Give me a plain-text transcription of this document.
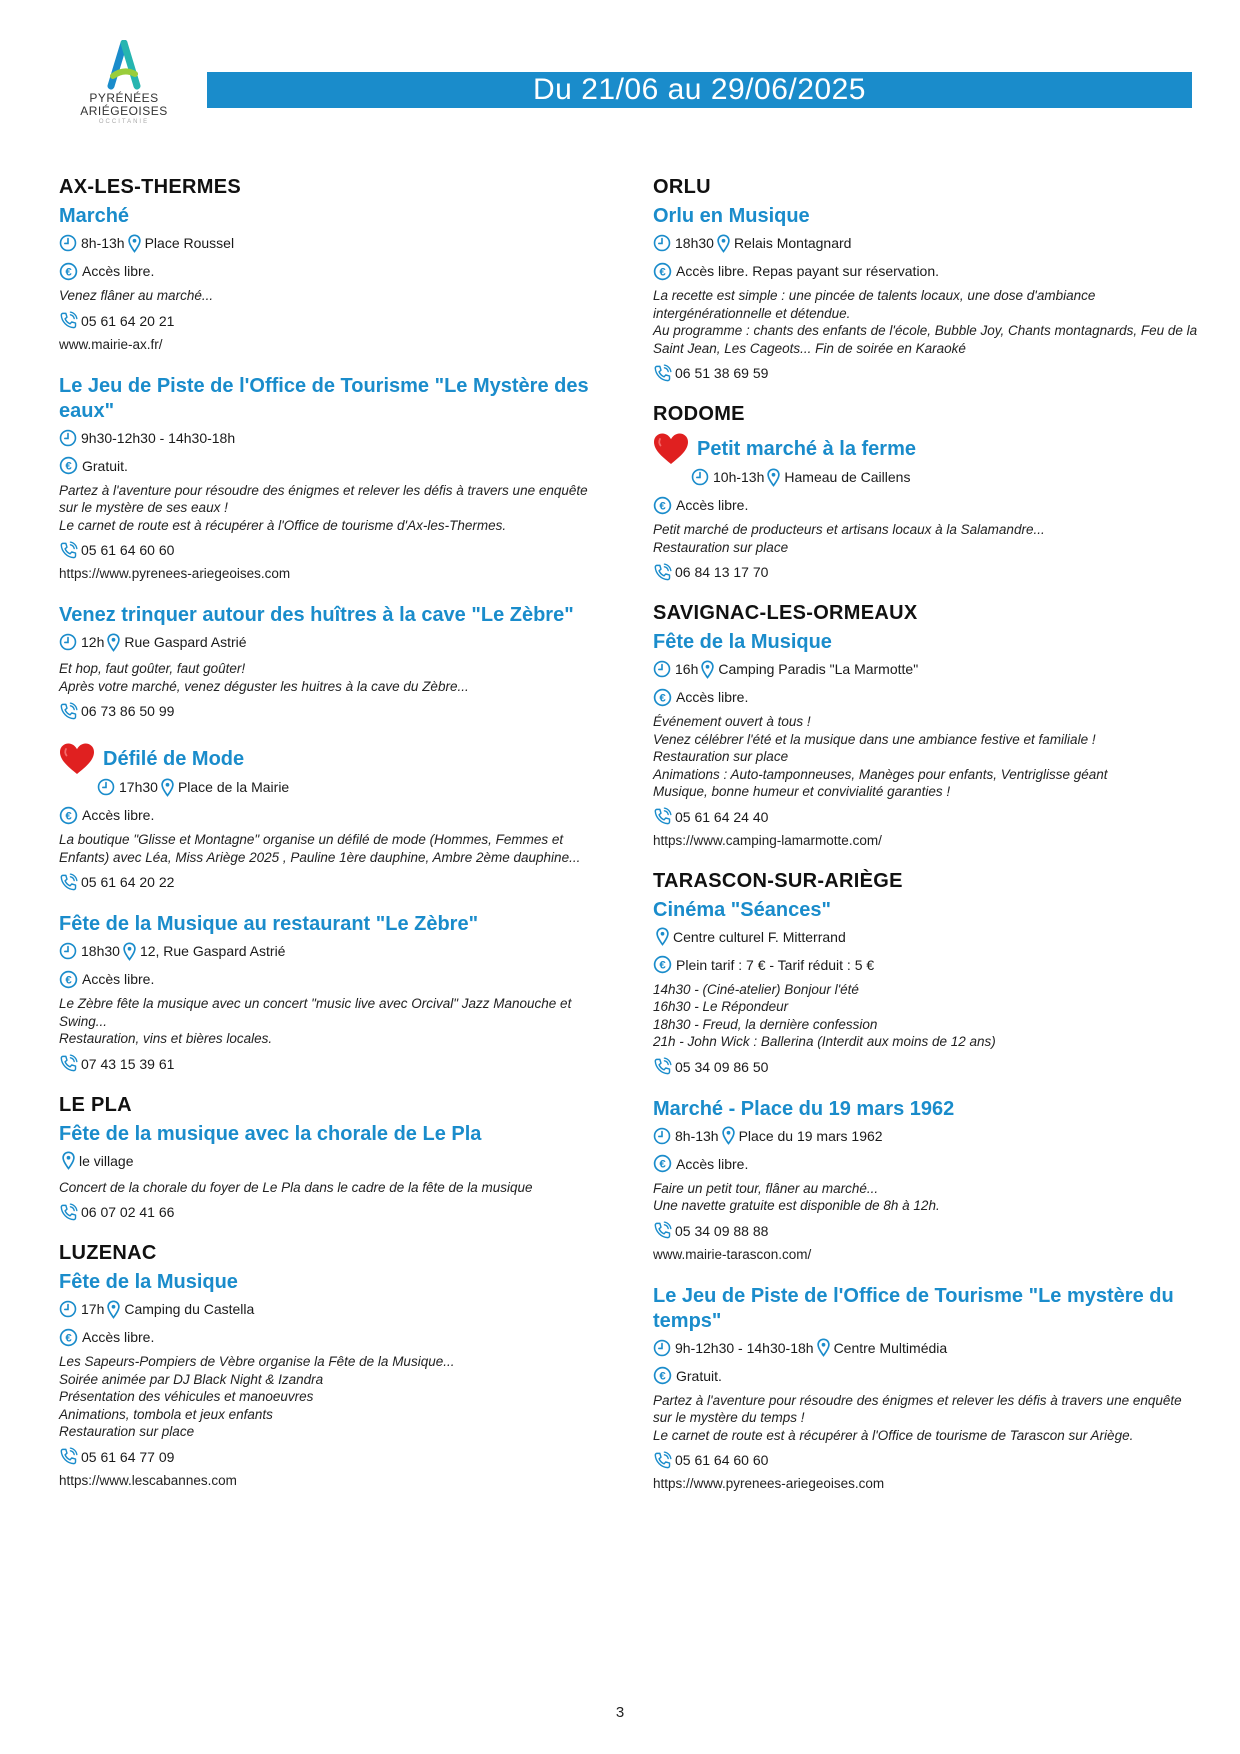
PYRÉNÉES
ARIÉGEOISES
OCCITANIE
Du 21/06 au 29/06/2025
AX-LES-THERMES
Marché
8h-13h Place Roussel
€ Accès libre.
Venez flâner au marché...
05 61 64 20 21
www.mairie-ax.fr/
Le Jeu de Piste de l'Office de Tourisme "Le Mystère des eaux"
9h30-12h30 - 14h30-18h
€ Gratuit.
Partez à l'aventure pour résoudre des énigmes et relever les défis à travers une enquête sur le mystère de ses eaux !
Le carnet de route est à récupérer à l'Office de tourisme d'Ax-les-Thermes.
05 61 64 60 60
https://www.pyrenees-ariegeoises.com
Venez trinquer autour des huîtres à la cave "Le Zèbre"
12h Rue Gaspard Astrié
Et hop, faut goûter, faut goûter!
Après votre marché, venez déguster les huitres à la cave du Zèbre...
06 73 86 50 99
Défilé de Mode
17h30 Place de la Mairie
€ Accès libre.
La boutique "Glisse et Montagne" organise un défilé de mode (Hommes, Femmes et Enfants) avec Léa, Miss Ariège 2025 , Pauline 1ère dauphine, Ambre 2ème dauphine...
05 61 64 20 22
Fête de la Musique au restaurant "Le Zèbre"
18h30 12, Rue Gaspard Astrié
€ Accès libre.
Le Zèbre fête la musique avec un concert "music live avec Orcival" Jazz Manouche et Swing...
Restauration, vins et bières locales.
07 43 15 39 61
LE PLA
Fête de la musique avec la chorale de Le Pla
le village
Concert de la chorale du foyer de Le Pla dans le cadre de la fête de la musique
06 07 02 41 66
LUZENAC
Fête de la Musique
17h Camping du Castella
€ Accès libre.
Les Sapeurs-Pompiers de Vèbre organise la Fête de la Musique...
Soirée animée par DJ Black Night & Izandra
Présentation des véhicules et manoeuvres
Animations, tombola et jeux enfants
Restauration sur place
05 61 64 77 09
https://www.lescabannes.com
ORLU
Orlu en Musique
18h30 Relais Montagnard
€ Accès libre. Repas payant sur réservation.
La recette est simple : une pincée de talents locaux, une dose d'ambiance intergénérationnelle et détendue.
Au programme : chants des enfants de l'école, Bubble Joy, Chants montagnards, Feu de la Saint Jean, Les Cageots... Fin de soirée en Karaoké
06 51 38 69 59
RODOME
Petit marché à la ferme
10h-13h Hameau de Caillens
€ Accès libre.
Petit marché de producteurs et artisans locaux à la Salamandre...
Restauration sur place
06 84 13 17 70
SAVIGNAC-LES-ORMEAUX
Fête de la Musique
16h Camping Paradis "La Marmotte"
€ Accès libre.
Événement ouvert à tous !
Venez célébrer l'été et la musique dans une ambiance festive et familiale !
Restauration sur place
Animations : Auto-tamponneuses, Manèges pour enfants, Ventriglisse géant
Musique, bonne humeur et convivialité garanties !
05 61 64 24 40
https://www.camping-lamarmotte.com/
TARASCON-SUR-ARIÈGE
Cinéma "Séances"
Centre culturel F. Mitterrand
€ Plein tarif : 7 € - Tarif réduit : 5 €
14h30 - (Ciné-atelier) Bonjour l'été
16h30 - Le Répondeur
18h30 - Freud, la dernière confession
21h - John Wick : Ballerina (Interdit aux moins de 12 ans)
05 34 09 86 50
Marché - Place du 19 mars 1962
8h-13h Place du 19 mars 1962
€ Accès libre.
Faire un petit tour, flâner au marché...
Une navette gratuite est disponible de 8h à 12h.
05 34 09 88 88
www.mairie-tarascon.com/
Le Jeu de Piste de l'Office de Tourisme "Le mystère du temps"
9h-12h30 - 14h30-18h Centre Multimédia
€ Gratuit.
Partez à l'aventure pour résoudre des énigmes et relever les défis à travers une enquête sur le mystère du temps !
Le carnet de route est à récupérer à l'Office de tourisme de Tarascon sur Ariège.
05 61 64 60 60
https://www.pyrenees-ariegeoises.com
3
